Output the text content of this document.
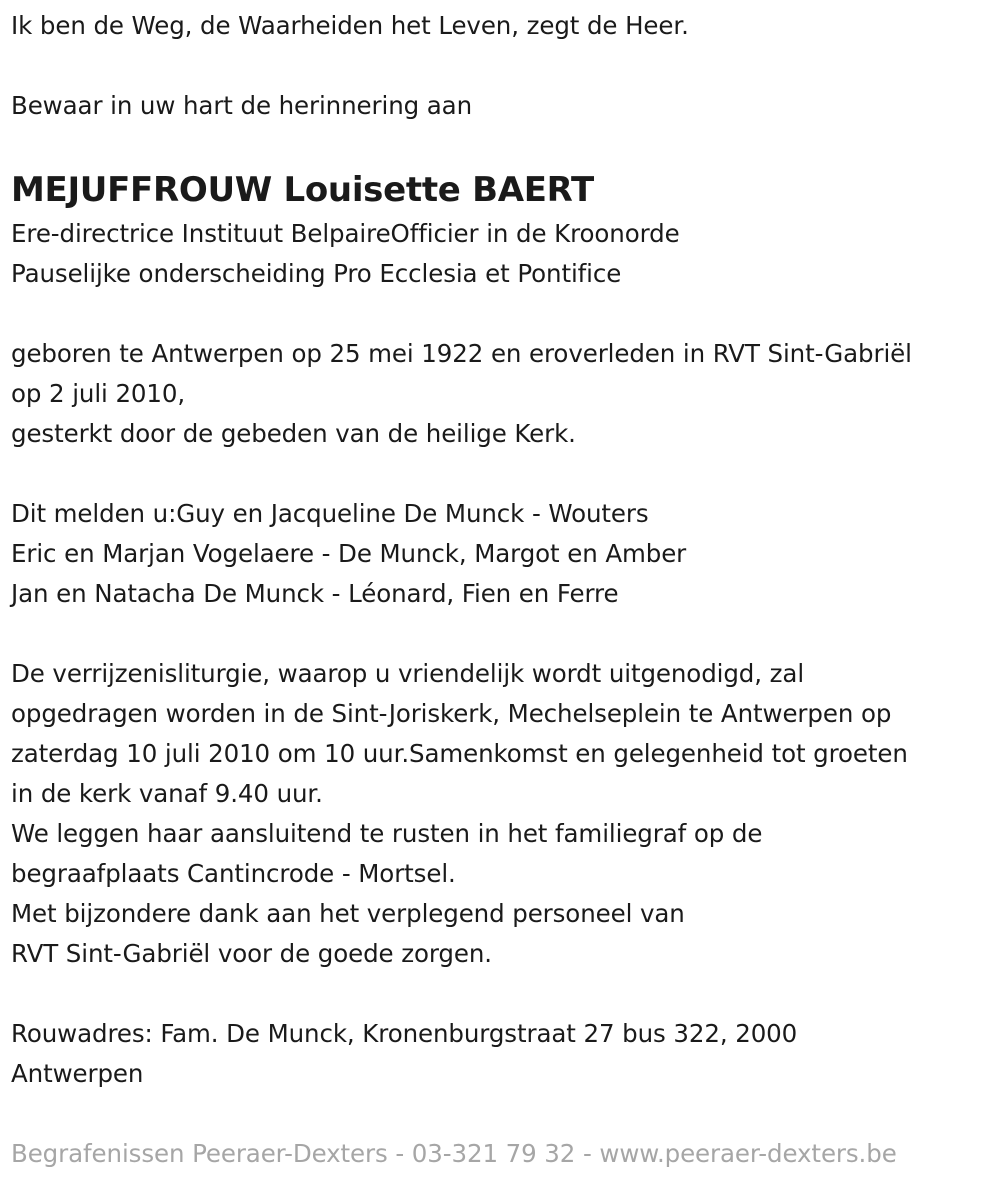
Ik ben de Weg, de Waarheiden het Leven, zegt de Heer.
Bewaar in uw hart de herinnering aan
MEJUFFROUW Louisette BAERT
Ere-directrice Instituut BelpaireOfficier in de Kroonorde
Pauselijke onderscheiding Pro Ecclesia et Pontifice
geboren te Antwerpen op 25 mei 1922 en eroverleden in RVT Sint-Gabriël
op 2 juli 2010,
gesterkt door de gebeden van de heilige Kerk.
Dit melden u:Guy en Jacqueline De Munck - Wouters
Eric en Marjan Vogelaere - De Munck, Margot en Amber
Jan en Natacha De Munck - Léonard, Fien en Ferre
De verrijzenisliturgie, waarop u vriendelijk wordt uitgenodigd, zal
opgedragen worden in de Sint-Joriskerk, Mechelseplein te Antwerpen op
zaterdag 10 juli 2010 om 10 uur.Samenkomst en gelegenheid tot groeten
in de kerk vanaf 9.40 uur.
We leggen haar aansluitend te rusten in het familiegraf op de
begraafplaats Cantincrode - Mortsel.
Met bijzondere dank aan het verplegend personeel van
RVT Sint-Gabriël voor de goede zorgen.
Rouwadres: Fam. De Munck, Kronenburgstraat 27 bus 322, 2000
Antwerpen
Begrafenissen Peeraer-Dexters - 03-321 79 32 - www.peeraer-dexters.be
